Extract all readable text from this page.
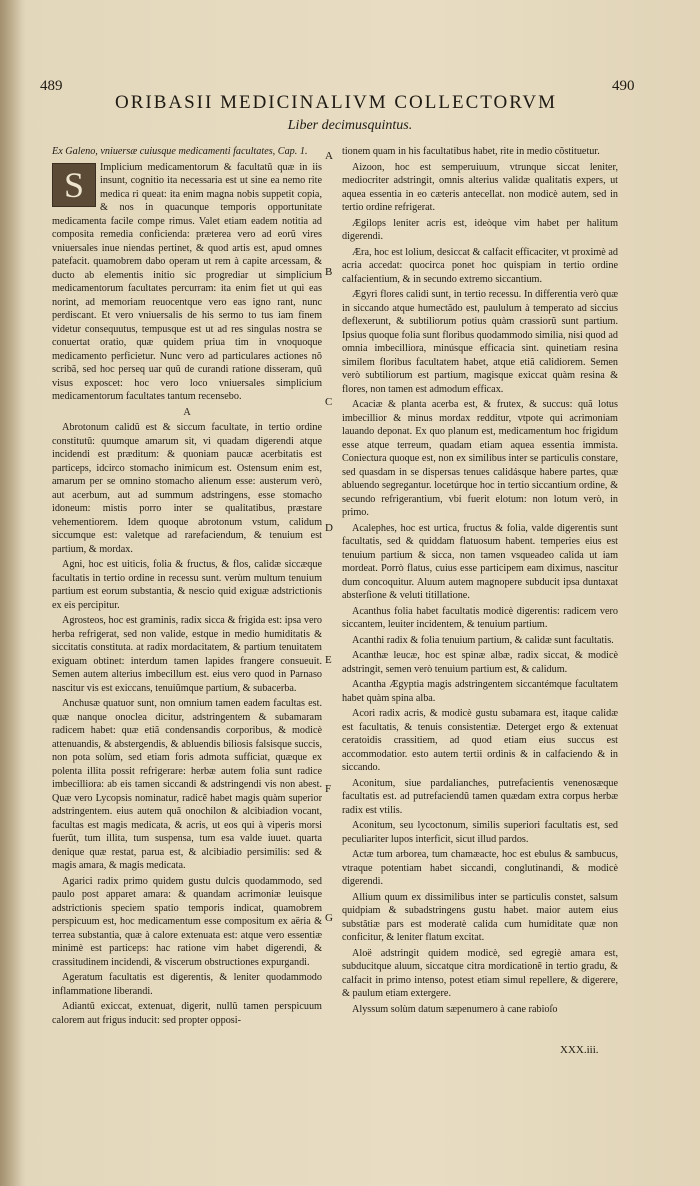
489	490
ORIBASII MEDICINALIVM COLLECTORVM
Liber decimusquintus.
A
B
C
D
E
F
G

Ex Galeno, vniuersæ cuiusque medicamenti facultates, Cap. 1.

S	Implicium medicamentorum & facultatũ quæ in iis insunt, cognitio ita necessaria est ut sine ea nemo rite medica ri queat: ita enim magna nobis suppetit copia, & nos in quacunque temporis opportunitate medicamenta facile compe rimus. Valet etiam eadem notitia ad composita remedia conficienda: præterea vero ad eorũ vires vniuersales inue niendas pertinet, & quod artis est, apud omnes patefacit. quamobrem dabo operam ut rem à capite arcessam, & ducto ab elementis initio sic progrediar ut simplicium medicamentorum facultates percurram: ita enim fiet ut qui eas norint, ad memoriam reuocentque vero eas igno rant, nunc perdiscant. Et vero vniuersalis de his sermo to tus iam finem videtur consequutus, tempusque est ut ad res singulas nostra se conuertat oratio, quæ quidem priua tim in vnoquoque medicamento perficietur. Nunc vero ad particulares actiones nõ scribã, sed hoc perseq uar quũ de curandi ratione disseram, quũ visus exposcet: hoc vero loco vniuersales simplicium medicamentorum facultates tantum recensebo.

A

Abrotonum calidũ est & siccum facultate, in tertio ordine constitutũ: quumque amarum sit, vi quadam digerendi atque incidendi est præditum: & quoniam paucæ acerbitatis est particeps, idcirco stomacho inimicum est. Ostensum enim est, amarum per se omnino stomacho alienum esse: austerum verò, aut acerbum, aut ad summum adstringens, esse stomacho idoneum: mistis porro inter se qualitatibus, præstare vehementiorem. Idem quoque abrotonum vstum, calidum siccumque est: valetque ad rarefaciendum, & tenuium est partium, & mordax.

Agni, hoc est uiticis, folia & fructus, & flos, calidæ siccæque facultatis in tertio ordine in recessu sunt. verùm multum tenuium partium est eorum substantia, & nescio quid exiguæ adstrictionis ex eis percipitur.

Agrosteos, hoc est graminis, radix sicca & frigida est: ipsa vero herba refrigerat, sed non valide, estque in medio humiditatis & siccitatis constituta. at radix mordacitatem, & partium tenuitatem exiguam obtinet: interdum tamen lapides frangere consueuit. Semen autem alterius imbecillum est. eius vero quod in Parnaso nascitur vis est exiccans, tenuiũmque partium, & subacerba.

Anchusæ quatuor sunt, non omnium tamen eadem facultas est. quæ nanque onoclea dicitur, adstringentem & subamaram radicem habet: quæ etiã condensandis corporibus, & modicè attenuandis, & abstergendis, & abluendis biliosis falsisque succis, non pota solùm, sed etiam foris admota sufficiat, quæque ex polenta illita possit refrigerare: herbæ autem folia sunt radice imbecilliora: ab eis tamen siccandi & adstringendi vis non abest. Quæ vero Lycopsis nominatur, radicẽ habet magis quàm superior adstringentem. eius autem quã onochilon & alcibiadion vocant, facultas est magis medicata, & acris, ut eos qui à viperis morsi fuerũt, tum illita, tum suspensa, tum esa valde iuuet. quarta denique quæ restat, parua est, & alcibiadio persimilis: sed & magis amara, & magis medicata.

Agarici radix primo quidem gustu dulcis quodammodo, sed paulo post apparet amara: & quandam acrimoniæ leuisque adstrictionis speciem spatio temporis indicat, quamobrem perspicuum est, hoc medicamentum esse compositum ex aëria & terrea substantia, quæ à calore extenuata est: atque vero essentiæ minimè est particeps: hac ratione vim habet digerendi, & crassitudinem incidendi, & viscerum obstructiones expurgandi.

Ageratum facultatis est digerentis, & leniter quodammodo inflammatione liberandi.

Adiantũ exiccat, extenuat, digerit, nullũ tamen perspicuum calorem aut frigus inducit: sed propter opposi-

tionem quam in his facultatibus habet, rite in medio cõstituetur.

Aizoon, hoc est semperuiuum, vtrunque siccat leniter, mediocriter adstringit, omnis alterius validæ qualitatis expers, ut aquea essentia in eo cæteris antecellat. non modicè autem, sed in tertio ordine refrigerat.

Ægilops leniter acris est, ideòque vim habet per halitum digerendi.

Æra, hoc est lolium, desiccat & calfacit efficaciter, vt proximè ad acria accedat: quocirca ponet hoc quispiam in tertio ordine calfacientium, & in secundo extremo siccantium.

Ægyri flores calidi sunt, in tertio recessu. In differentia verò quæ in siccando atque humectãdo est, paululum à temperato ad siccius deflexerunt, & subtiliorum potius quàm crassiorũ sunt partium. Ipsius quoque folia sunt floribus quodammodo similia, nisi quod ad omnia imbecilliora, minúsque efficacia sint. quinetiam resina similem floribus facultatem habet, atque etiã calidiorem. Semen verò subtiliorum est partium, magisque exiccat quàm resina & flores, non tamen est admodum efficax.

Acaciæ & planta acerba est, & frutex, & succus: quã lotus imbecillior & minus mordax redditur, vtpote qui acrimoniam lauando deponat. Ex quo planum est, medicamentum hoc frigidum esse atque terreum, quadam etiam aquea essentia immista. Coniectura quoque est, non ex similibus inter se particulis constare, sed quasdam in se dispersas tenues calidásque habere partes, quæ abluendo segregantur. locetúrque hoc in tertio siccantium ordine, & secundo refrigerantium, vbi fuerit elotum: non lotum verò, in primo.

Acalephes, hoc est urtica, fructus & folia, valde digerentis sunt facultatis, sed & quiddam flatuosum habent. temperies eius est tenuium partium & sicca, non tamen vsqueadeo calida ut iam mordeat. Porrò flatus, cuius esse participem eam diximus, nascitur dum concoquitur. Aluum autem magnopere subducit ipsa duntaxat absterſione & veluti titillatione.

Acanthus folia habet facultatis modicè digerentis: radicem vero siccantem, leuiter incidentem, & tenuium partium.

Acanthi radix & folia tenuium partium, & calidæ sunt facultatis.

Acanthæ leucæ, hoc est spinæ albæ, radix siccat, & modicè adstringit, semen verò tenuium partium est, & calidum.

Acantha Ægyptia magis adstringentem siccantémque facultatem habet quàm spina alba.

Acori radix acris, & modicè gustu subamara est, itaque calidæ est facultatis, & tenuis consistentiæ. Deterget ergo & extenuat ceratoidis crassitiem, ad quod etiam eius succus est accommodatior. esto autem tertii ordinis & in calfaciendo & in siccando.

Aconitum, siue pardalianches, putrefacientis venenosæque facultatis est. ad putrefaciendũ tamen quædam extra corpus herbæ radix est vtilis.

Aconitum, seu lycoctonum, similis superiori facultatis est, sed peculiariter lupos interficit, sicut illud pardos.

Actæ tum arborea, tum chamæacte, hoc est ebulus & sambucus, vtraque potentiam habet siccandi, conglutinandi, & modicè digerendi.

Allium quum ex dissimilibus inter se particulis constet, salsum quidpiam & subadstringens gustu habet. maior autem eius substãtiæ pars est moderatè calida cum humiditate quæ non conficitur, & leniter flatum excitat.

Aloë adstringit quidem modicè, sed egregiè amara est, subducitque aluum, siccatque citra mordicationẽ in tertio gradu, & calfacit in primo intenso, potest etiam simul repellere, & digerere, & paulum etiam extergere.

Alyssum solùm datum sæpenumero à cane rabioſo

XXX.iii.
